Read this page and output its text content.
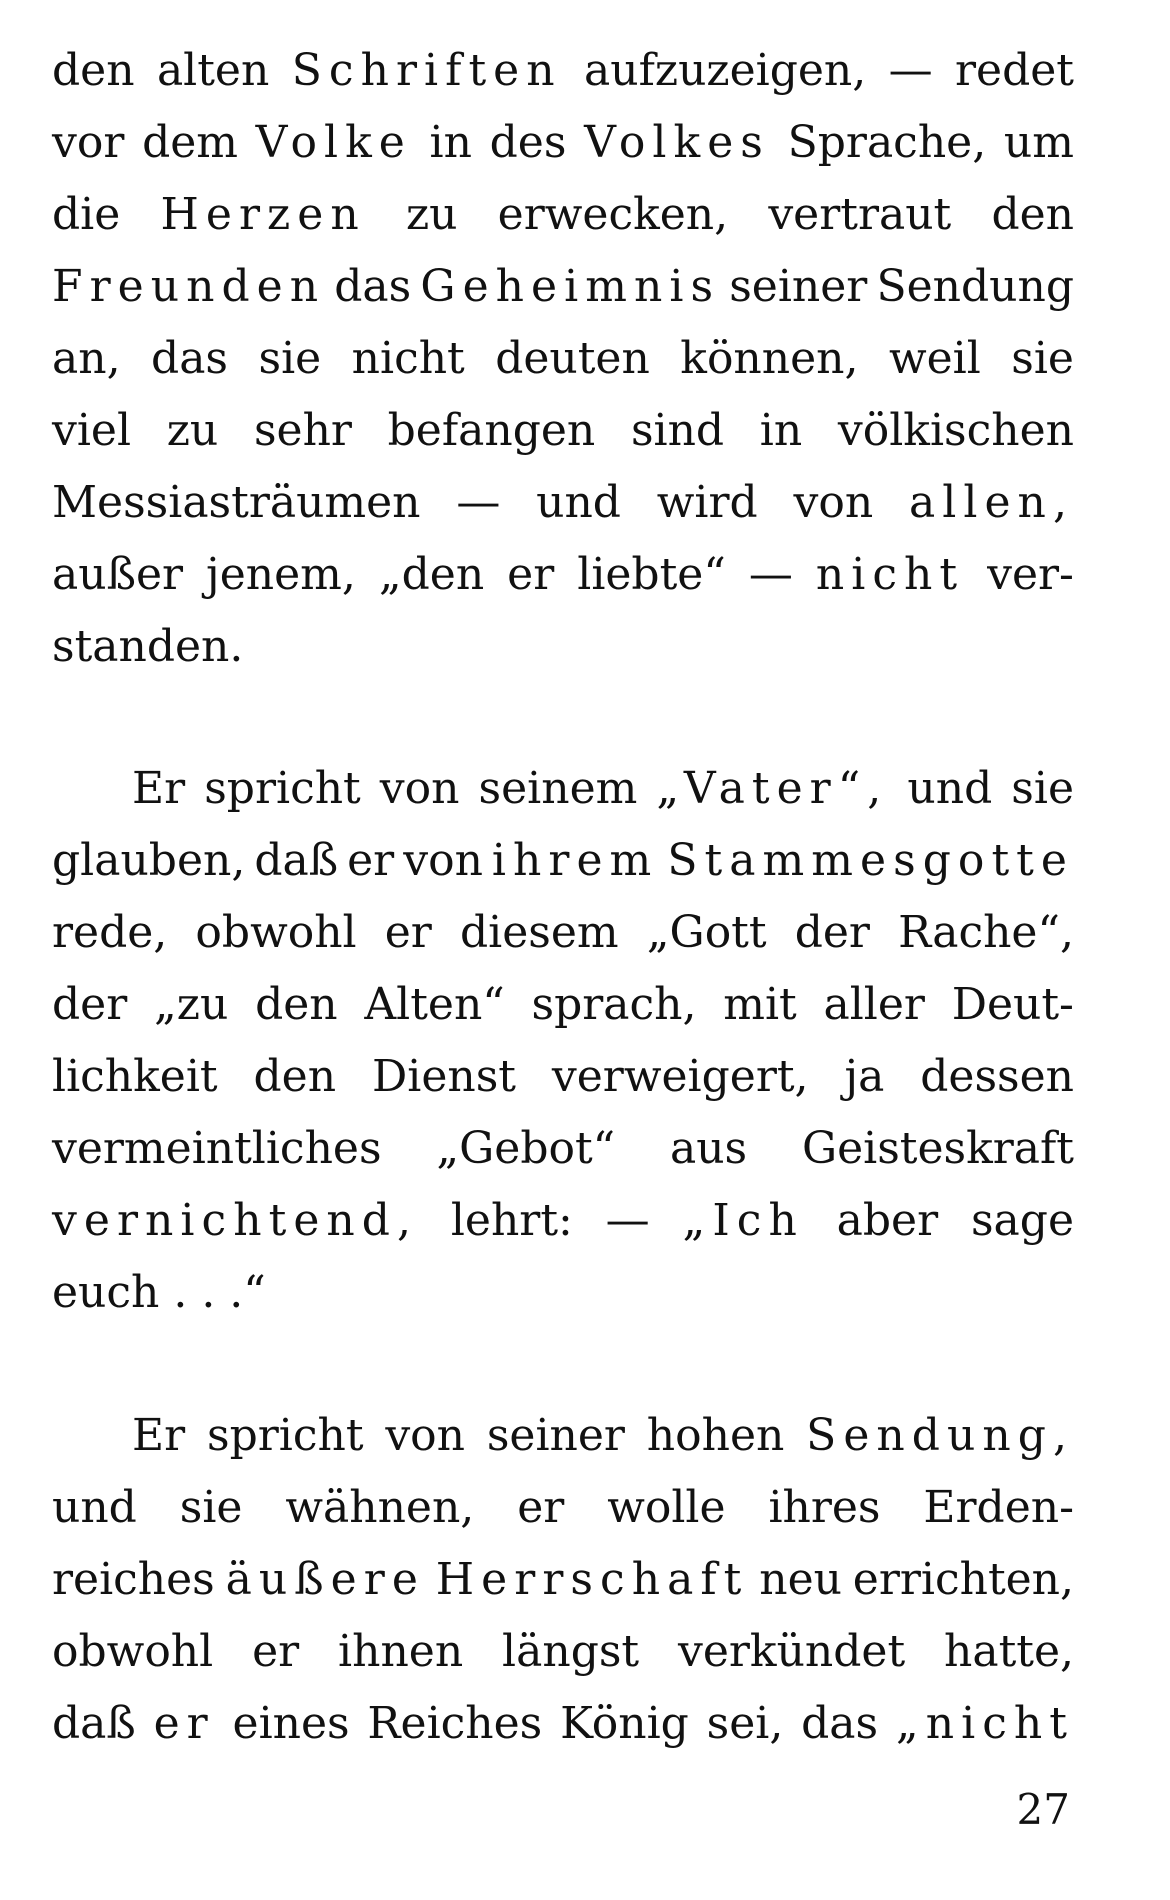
den alten Schriften aufzuzeigen, — redet
vor dem Volke in des Volkes Sprache, um
die Herzen zu erwecken, vertraut den
Freunden das Geheimnis seiner Sendung
an, das sie nicht deuten können, weil sie
viel zu sehr befangen sind in völkischen
Messiasträumen — und wird von allen,
außer jenem, „den er liebte“ — nicht ver-
standen.
Er spricht von seinem „Vater“, und sie
glauben, daß er von ihrem Stammesgotte
rede, obwohl er diesem „Gott der Rache“,
der „zu den Alten“ sprach, mit aller Deut-
lichkeit den Dienst verweigert, ja dessen
vermeintliches „Gebot“ aus Geisteskraft
vernichtend, lehrt: — „Ich aber sage
euch . . .“
Er spricht von seiner hohen Sendung,
und sie wähnen, er wolle ihres Erden-
reiches äußere Herrschaft neu errichten,
obwohl er ihnen längst verkündet hatte,
daß er eines Reiches König sei, das „nicht
27
